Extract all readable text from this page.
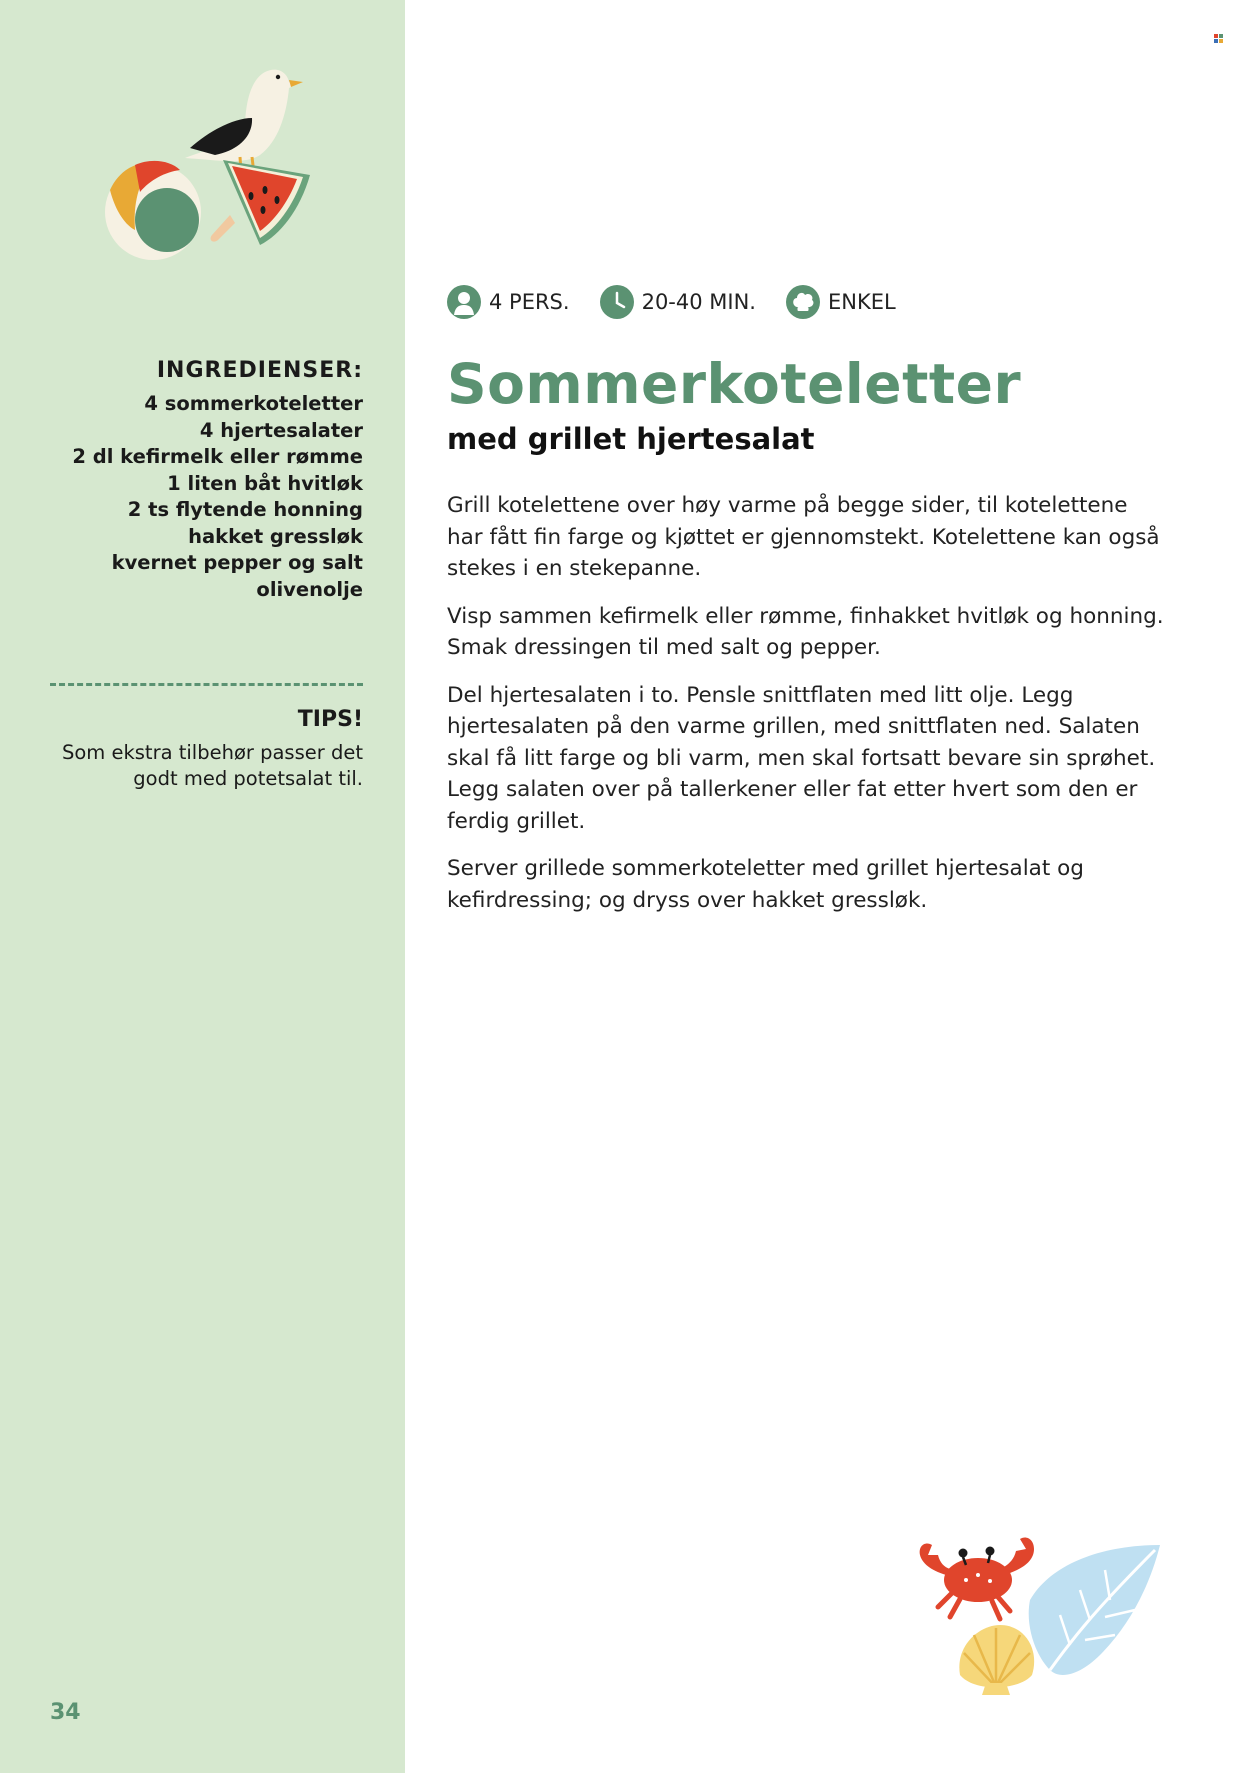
INGREDIENSER:
4 sommerkoteletter
4 hjertesalater
2 dl kefirmelk eller rømme
1 liten båt hvitløk
2 ts flytende honning
hakket gressløk
kvernet pepper og salt
olivenolje
TIPS!
Som ekstra tilbehør passer det godt med potetsalat til.
34
4 PERS.	20-40 MIN.	ENKEL
Sommerkoteletter
med grillet hjertesalat

Grill kotelettene over høy varme på begge sider, til kotelettene har fått fin farge og kjøttet er gjennomstekt. Kotelettene kan også stekes i en stekepanne.

Visp sammen kefirmelk eller rømme, finhakket hvitløk og honning. Smak dressingen til med salt og pepper.

Del hjertesalaten i to. Pensle snittflaten med litt olje. Legg hjertesalaten på den varme grillen, med snittflaten ned. Salaten skal få litt farge og bli varm, men skal fortsatt bevare sin sprøhet. Legg salaten over på tallerkener eller fat etter hvert som den er ferdig grillet.

Server grillede sommerkoteletter med grillet hjertesalat og kefirdressing; og dryss over hakket gressløk.
